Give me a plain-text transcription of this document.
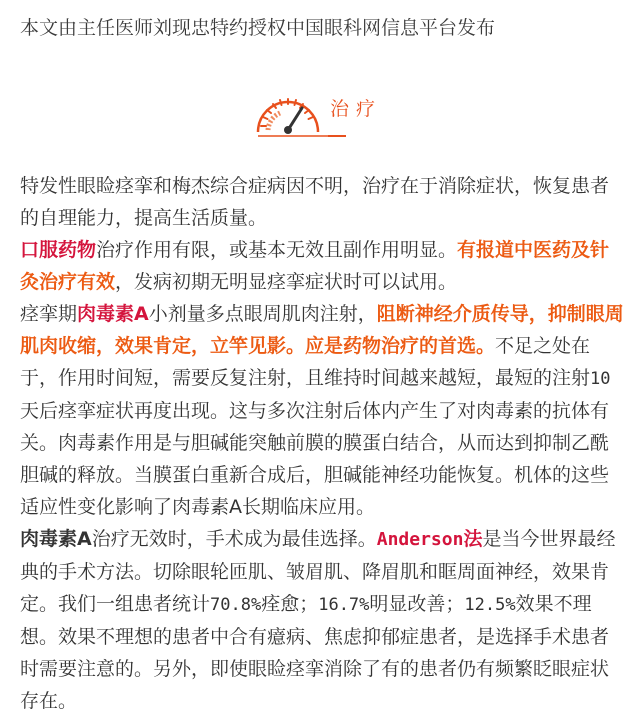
本文由主任医师刘现忠特约授权中国眼科网信息平台发布
治疗

特发性眼睑痉挛和梅杰综合症病因不明，治疗在于消除症状，恢复患者的自理能力，提高生活质量。

口服药物治疗作用有限，或基本无效且副作用明显。有报道中医药及针灸治疗有效，发病初期无明显痉挛症状时可以试用。

痉挛期肉毒素A小剂量多点眼周肌肉注射，阻断神经介质传导，抑制眼周肌肉收缩，效果肯定，立竿见影。应是药物治疗的首选。不足之处在于，作用时间短，需要反复注射，且维持时间越来越短，最短的注射10天后痉挛症状再度出现。这与多次注射后体内产生了对肉毒素的抗体有关。肉毒素作用是与胆碱能突触前膜的膜蛋白结合，从而达到抑制乙酰胆碱的释放。当膜蛋白重新合成后，胆碱能神经功能恢复。机体的这些适应性变化影响了肉毒素A长期临床应用。

肉毒素A治疗无效时，手术成为最佳选择。Anderson法是当今世界最经典的手术方法。切除眼轮匝肌、皱眉肌、降眉肌和眶周面神经，效果肯定。我们一组患者统计70.8%痊愈；16.7%明显改善；12.5%效果不理想。效果不理想的患者中合有癔病、焦虑抑郁症患者，是选择手术患者时需要注意的。另外，即使眼睑痉挛消除了有的患者仍有频繁眨眼症状存在。
